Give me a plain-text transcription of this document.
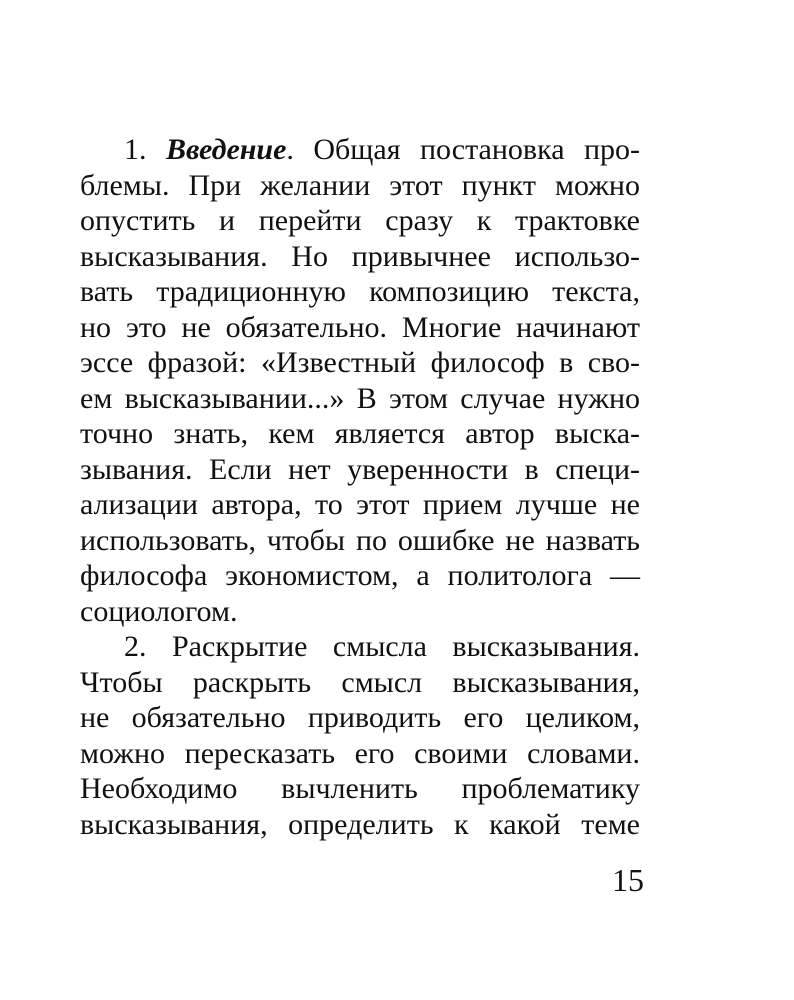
1. Введение. Общая постановка про-
блемы. При желании этот пункт можно
опустить и перейти сразу к трактовке
высказывания. Но привычнее использо-
вать традиционную композицию текста,
но это не обязательно. Многие начинают
эссе фразой: «Известный философ в сво-
ем высказывании...» В этом случае нужно
точно знать, кем является автор выска-
зывания. Если нет уверенности в специ-
ализации автора, то этот прием лучше не
использовать, чтобы по ошибке не назвать
философа экономистом, а политолога —
социологом.
2. Раскрытие смысла высказывания.
Чтобы раскрыть смысл высказывания,
не обязательно приводить его целиком,
можно пересказать его своими словами.
Необходимо вычленить проблематику
высказывания, определить к какой теме
15
